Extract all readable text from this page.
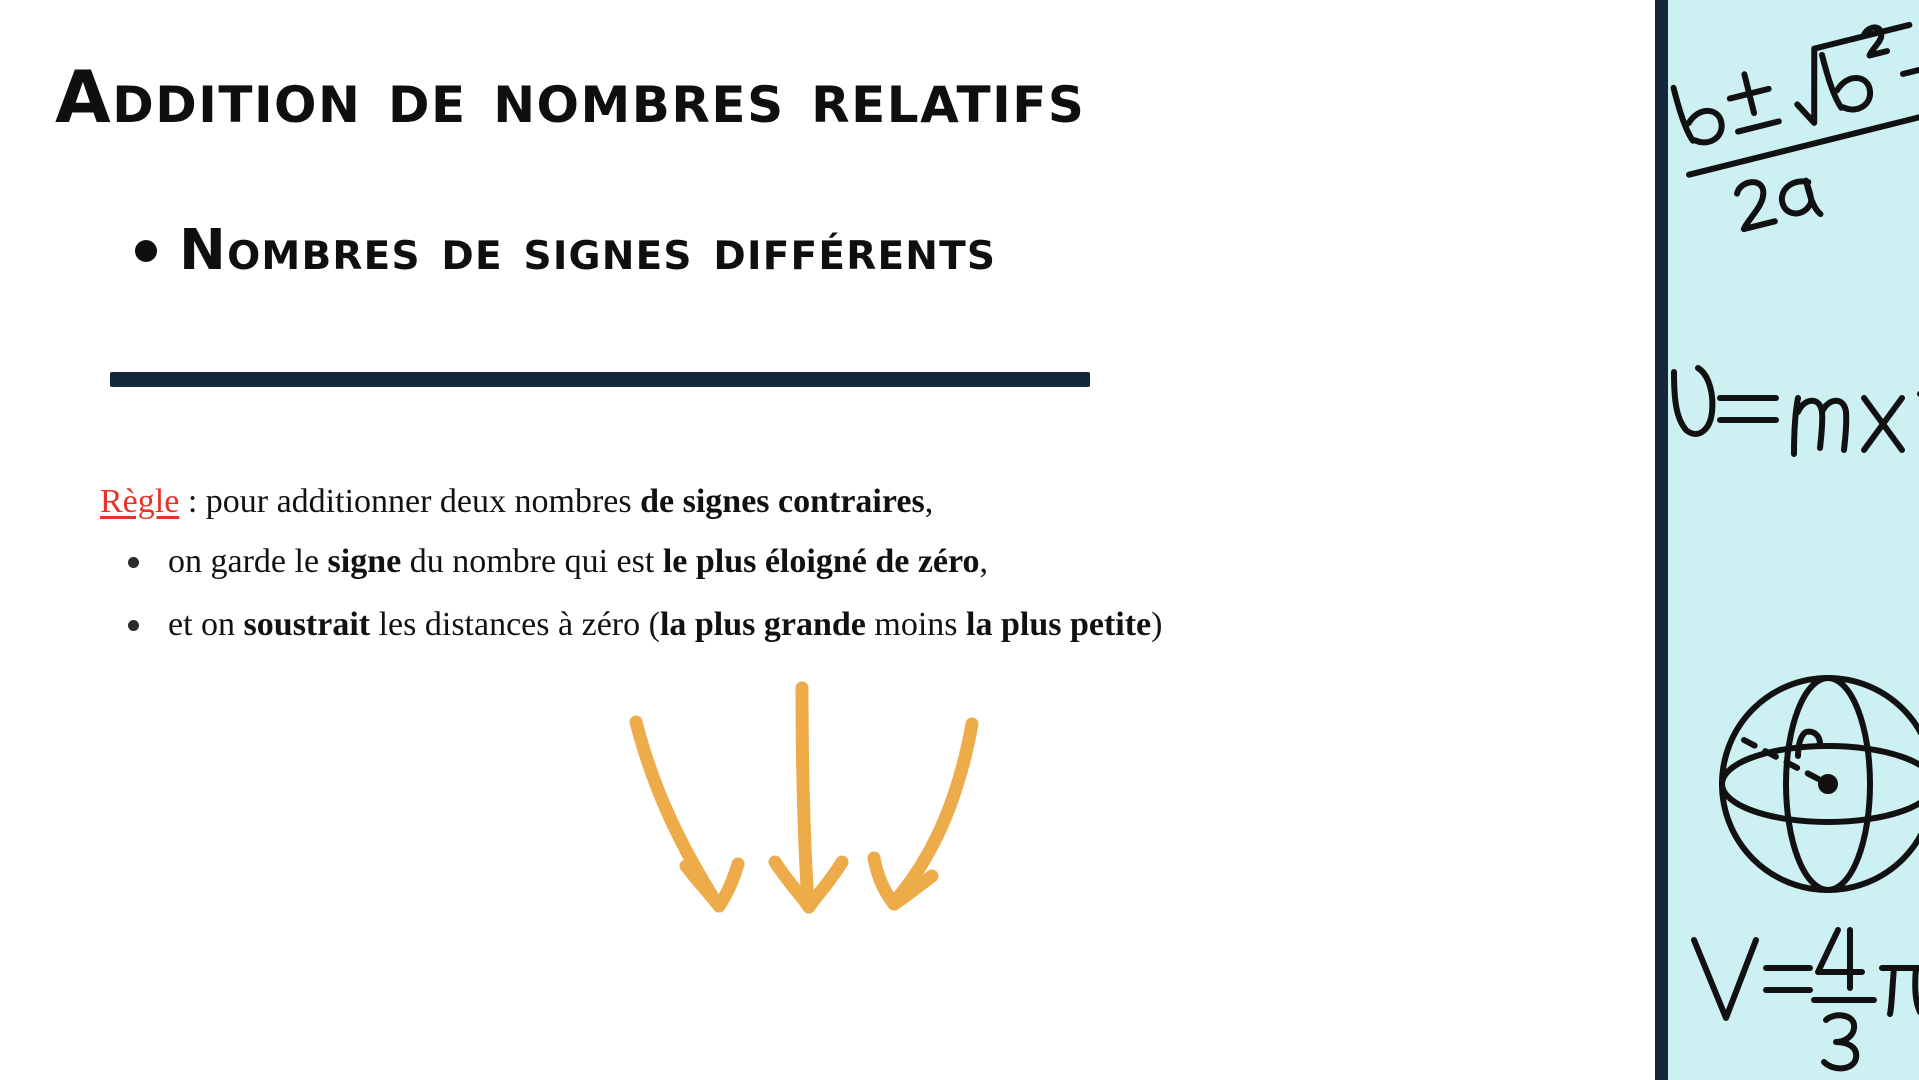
Addition de nombres relatifs
Nombres de signes différents
Règle : pour additionner deux nombres de signes contraires,
on garde le signe du nombre qui est le plus éloigné de zéro,
et on soustrait les distances à zéro (la plus grande moins la plus petite)
